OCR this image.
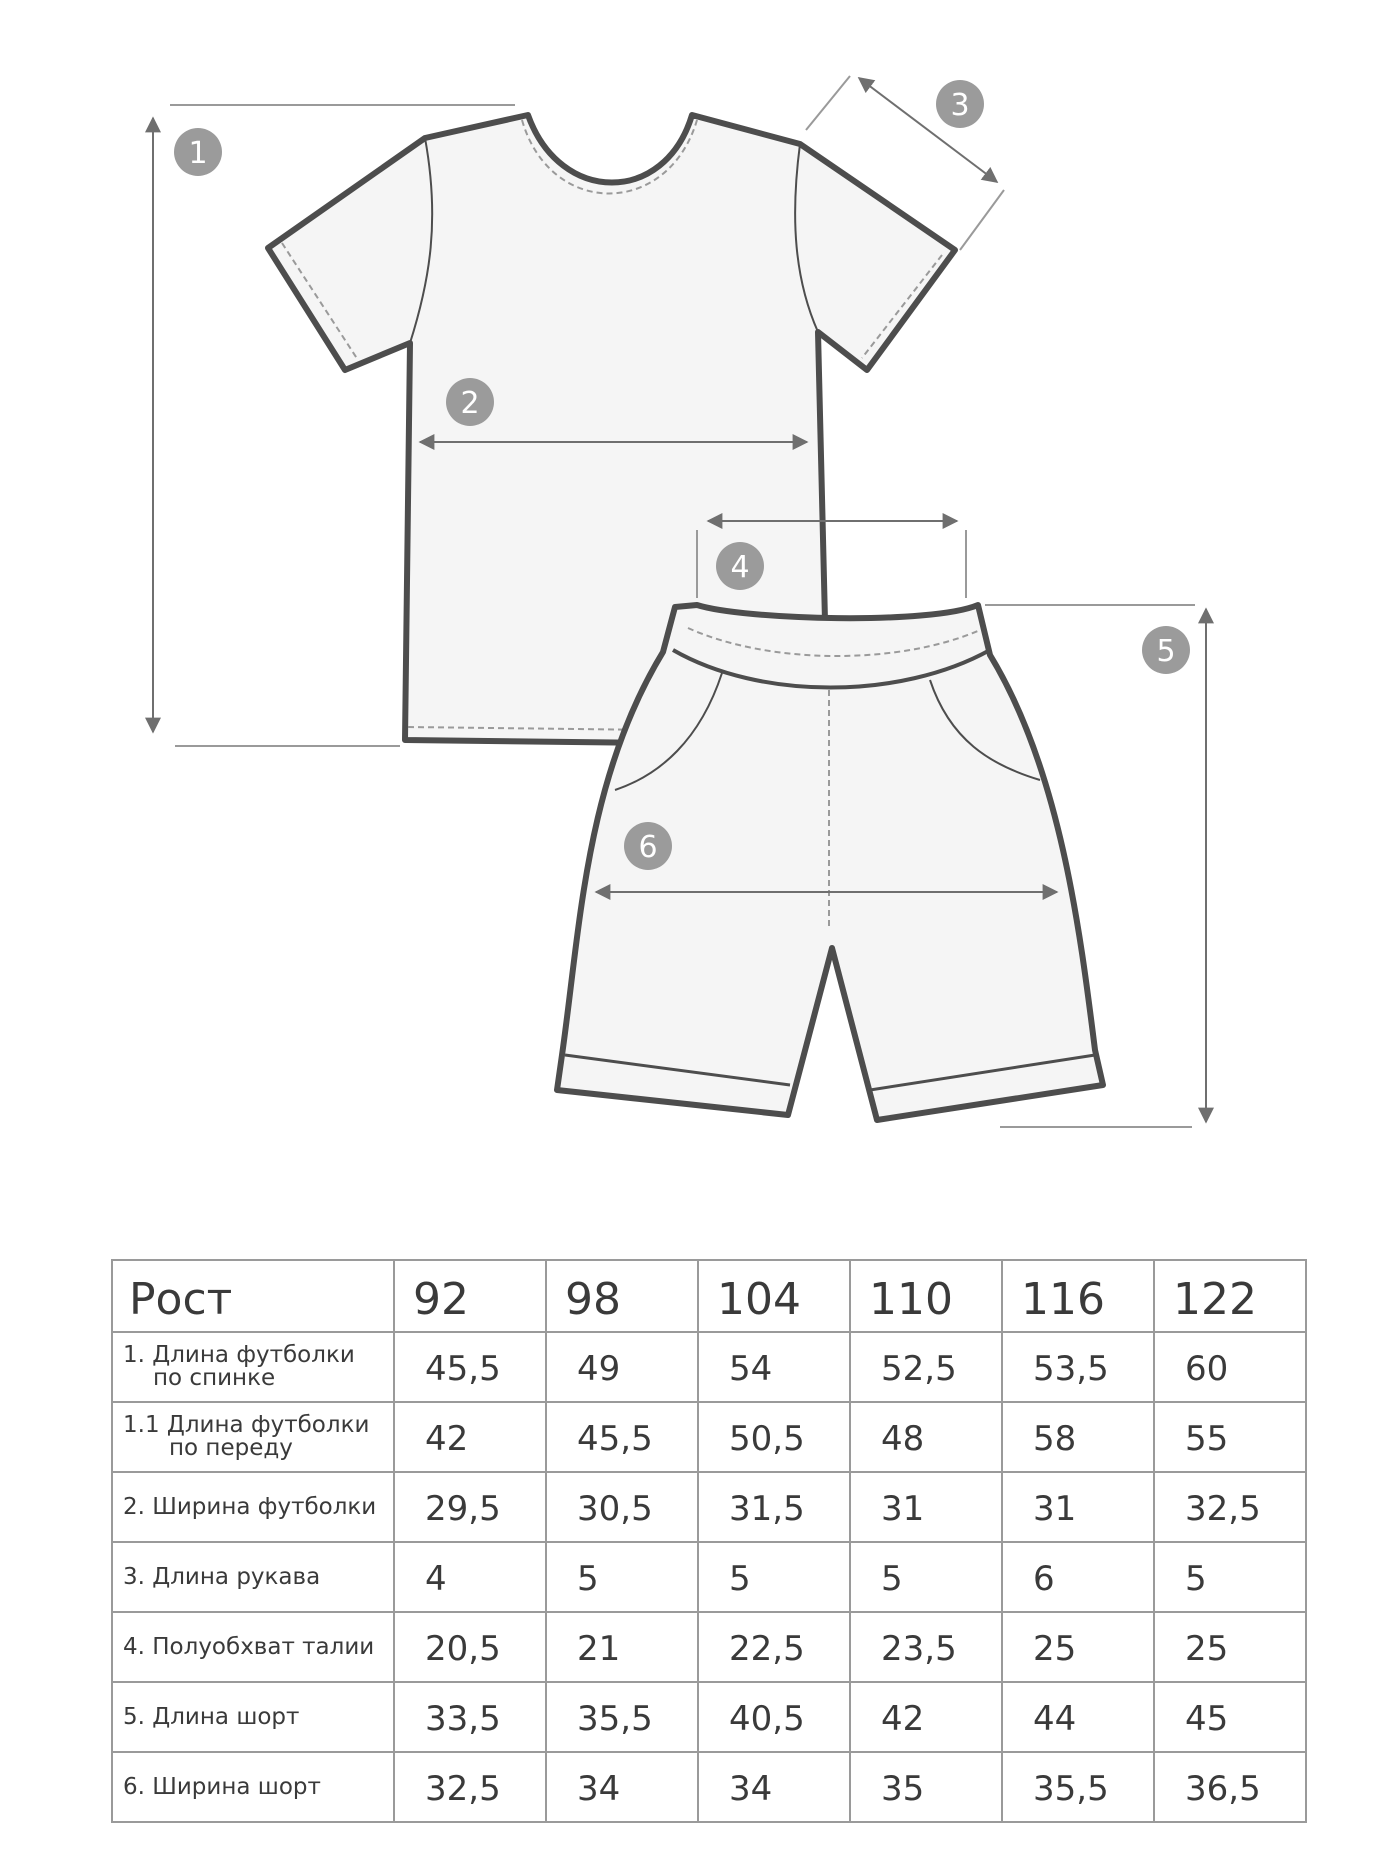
1
2
3
4
5
6
Рост	92	98	104	110	116	122
1. Длина футболки
по спинке	45,5	49	54	52,5	53,5	60
1.1 Длина футболки
по переду	42	45,5	50,5	48	58	55
2. Ширина футболки	29,5	30,5	31,5	31	31	32,5
3. Длина рукава	4	5	5	5	6	5
4. Полуобхват талии	20,5	21	22,5	23,5	25	25
5. Длина шорт	33,5	35,5	40,5	42	44	45
6. Ширина шорт	32,5	34	34	35	35,5	36,5
